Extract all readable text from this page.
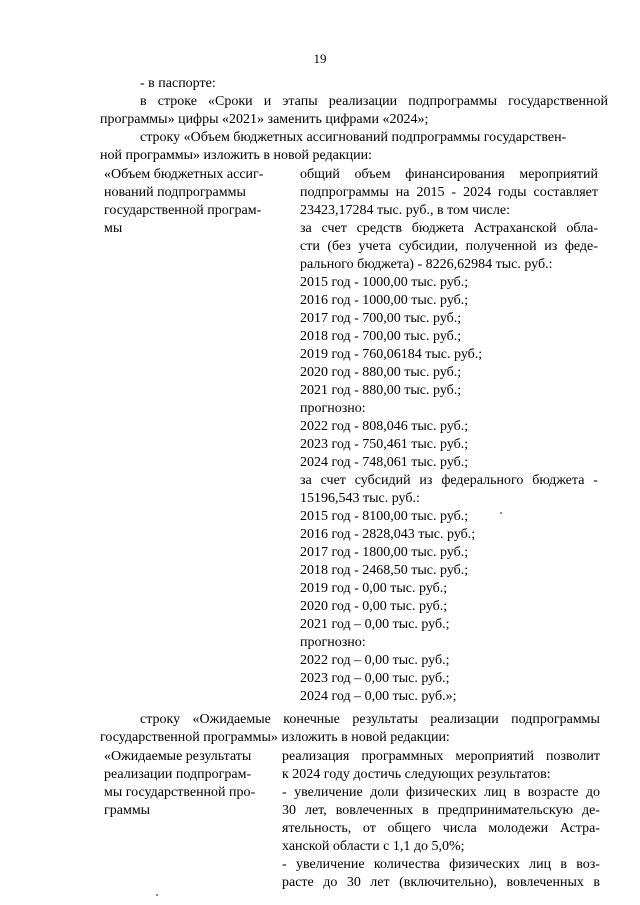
19
- в паспорте:
в строке «Сроки и этапы реализации подпрограммы государственной
программы» цифры «2021» заменить цифрами «2024»;
строку «Объем бюджетных ассигнований подпрограммы государствен-
ной программы» изложить в новой редакции:
«Объем бюджетных ассиг-
нований подпрограммы
государственной програм-
мы
общий объем финансирования мероприятий
подпрограммы на 2015 - 2024 годы составляет
23423,17284 тыс. руб., в том числе:
за счет средств бюджета Астраханской обла-
сти (без учета субсидии, полученной из феде-
рального бюджета) - 8226,62984 тыс. руб.:
2015 год - 1000,00 тыс. руб.;
2016 год - 1000,00 тыс. руб.;
2017 год - 700,00 тыс. руб.;
2018 год - 700,00 тыс. руб.;
2019 год - 760,06184 тыс. руб.;
2020 год - 880,00 тыс. руб.;
2021 год - 880,00 тыс. руб.;
прогнозно:
2022 год - 808,046 тыс. руб.;
2023 год - 750,461 тыс. руб.;
2024 год - 748,061 тыс. руб.;
за счет субсидий из федерального бюджета -
15196,543 тыс. руб.:
2015 год - 8100,00 тыс. руб.;
2016 год - 2828,043 тыс. руб.;
2017 год - 1800,00 тыс. руб.;
2018 год - 2468,50 тыс. руб.;
2019 год - 0,00 тыс. руб.;
2020 год - 0,00 тыс. руб.;
2021 год – 0,00 тыс. руб.;
прогнозно:
2022 год – 0,00 тыс. руб.;
2023 год – 0,00 тыс. руб.;
2024 год – 0,00 тыс. руб.»;
строку «Ожидаемые конечные результаты реализации подпрограммы
государственной программы» изложить в новой редакции:
«Ожидаемые результаты
реализации подпрограм-
мы государственной про-
граммы
реализация программных мероприятий позволит
к 2024 году достичь следующих результатов:
- увеличение доли физических лиц в возрасте до
30 лет, вовлеченных в предпринимательскую де-
ятельность, от общего числа молодежи Астра-
ханской области с 1,1 до 5,0%;
- увеличение количества физических лиц в воз-
расте до 30 лет (включительно), вовлеченных в
